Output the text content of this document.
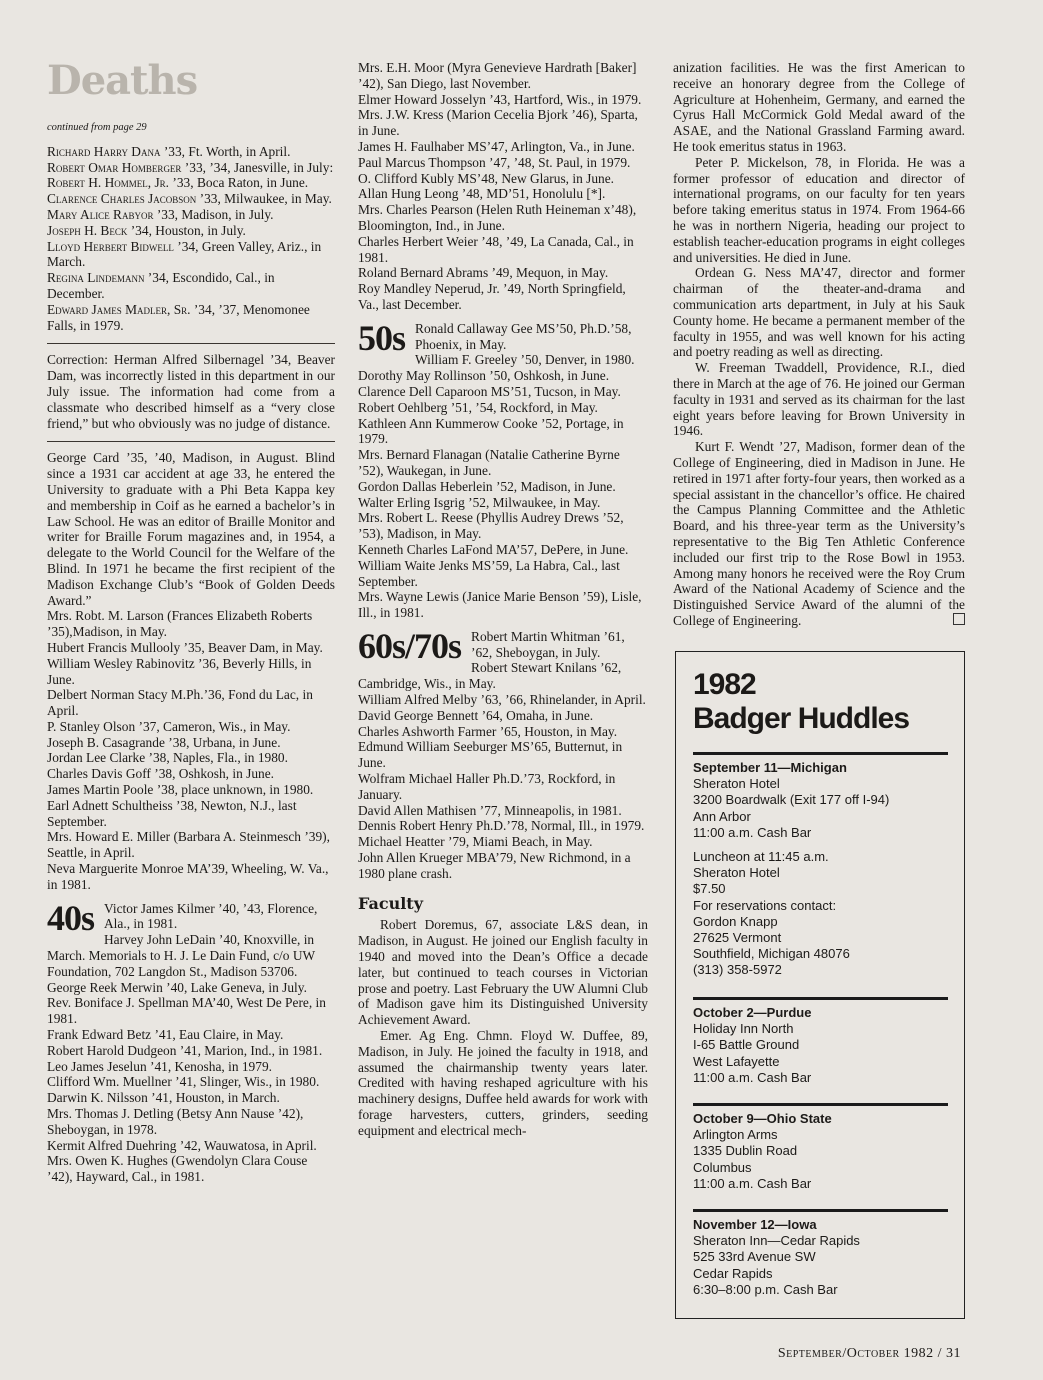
Deaths
continued from page 29

Richard Harry Dana ’33, Ft. Worth, in April.

Robert Omar Homberger ’33, ’34, Janesville, in July:

Robert H. Hommel, Jr. ’33, Boca Raton, in June.

Clarence Charles Jacobson ’33, Milwaukee, in May.

Mary Alice Rabyor ’33, Madison, in July.

Joseph H. Beck ’34, Houston, in July.

Lloyd Herbert Bidwell ’34, Green Valley, Ariz., in March.

Regina Lindemann ’34, Escondido, Cal., in December.

Edward James Madler, Sr. ’34, ’37, Menomonee Falls, in 1979.

Correction: Herman Alfred Silbernagel ’34, Beaver Dam, was incorrectly listed in this department in our July issue. The information had come from a classmate who described himself as a “very close friend,” but who obviously was no judge of distance.

George Card ’35, ’40, Madison, in August. Blind since a 1931 car accident at age 33, he entered the University to graduate with a Phi Beta Kappa key and membership in Coif as he earned a bachelor’s in Law School. He was an editor of Braille Monitor and writer for Braille Forum magazines and, in 1954, a delegate to the World Council for the Welfare of the Blind. In 1971 he became the first recipient of the Madison Exchange Club’s “Book of Golden Deeds Award.”

Mrs. Robt. M. Larson (Frances Elizabeth Roberts ’35),Madison, in May.

Hubert Francis Mullooly ’35, Beaver Dam, in May.

William Wesley Rabinovitz ’36, Beverly Hills, in June.

Delbert Norman Stacy M.Ph.’36, Fond du Lac, in April.

P. Stanley Olson ’37, Cameron, Wis., in May.

Joseph B. Casagrande ’38, Urbana, in June.

Jordan Lee Clarke ’38, Naples, Fla., in 1980.

Charles Davis Goff ’38, Oshkosh, in June.

James Martin Poole ’38, place unknown, in 1980.

Earl Adnett Schultheiss ’38, Newton, N.J., last September.

Mrs. Howard E. Miller (Barbara A. Steinmesch ’39), Seattle, in April.

Neva Marguerite Monroe MA’39, Wheeling, W. Va., in 1981.

40s Victor James Kilmer ’40, ’43, Florence, Ala., in 1981.

Harvey John LeDain ’40, Knoxville, in March. Memorials to H. J. Le Dain Fund, c/o UW Foundation, 702 Langdon St., Madison 53706.

George Reek Merwin ’40, Lake Geneva, in July.

Rev. Boniface J. Spellman MA’40, West De Pere, in 1981.

Frank Edward Betz ’41, Eau Claire, in May.

Robert Harold Dudgeon ’41, Marion, Ind., in 1981.

Leo James Jeselun ’41, Kenosha, in 1979.

Clifford Wm. Muellner ’41, Slinger, Wis., in 1980.

Darwin K. Nilsson ’41, Houston, in March.

Mrs. Thomas J. Detling (Betsy Ann Nause ’42), Sheboygan, in 1978.

Kermit Alfred Duehring ’42, Wauwatosa, in April.

Mrs. Owen K. Hughes (Gwendolyn Clara Couse ’42), Hayward, Cal., in 1981.

Mrs. E.H. Moor (Myra Genevieve Hardrath [Baker] ’42), San Diego, last November.

Elmer Howard Josselyn ’43, Hartford, Wis., in 1979.

Mrs. J.W. Kress (Marion Cecelia Bjork ’46), Sparta, in June.

James H. Faulhaber MS’47, Arlington, Va., in June.

Paul Marcus Thompson ’47, ’48, St. Paul, in 1979.

O. Clifford Kubly MS’48, New Glarus, in June.

Allan Hung Leong ’48, MD’51, Honolulu [*].

Mrs. Charles Pearson (Helen Ruth Heineman x’48), Bloomington, Ind., in June.

Charles Herbert Weier ’48, ’49, La Canada, Cal., in 1981.

Roland Bernard Abrams ’49, Mequon, in May.

Roy Mandley Neperud, Jr. ’49, North Springfield, Va., last December.

50s Ronald Callaway Gee MS’50, Ph.D.’58, Phoenix, in May.

William F. Greeley ’50, Denver, in 1980.

Dorothy May Rollinson ’50, Oshkosh, in June.

Clarence Dell Caparoon MS’51, Tucson, in May.

Robert Oehlberg ’51, ’54, Rockford, in May.

Kathleen Ann Kummerow Cooke ’52, Portage, in 1979.

Mrs. Bernard Flanagan (Natalie Catherine Byrne ’52), Waukegan, in June.

Gordon Dallas Heberlein ’52, Madison, in June.

Walter Erling Isgrig ’52, Milwaukee, in May.

Mrs. Robert L. Reese (Phyllis Audrey Drews ’52, ’53), Madison, in May.

Kenneth Charles LaFond MA’57, DePere, in June.

William Waite Jenks MS’59, La Habra, Cal., last September.

Mrs. Wayne Lewis (Janice Marie Benson ’59), Lisle, Ill., in 1981.

60s/70s Robert Martin Whitman ’61, ’62, Sheboygan, in July.

Robert Stewart Knilans ’62, Cambridge, Wis., in May.

William Alfred Melby ’63, ’66, Rhinelander, in April.

David George Bennett ’64, Omaha, in June.

Charles Ashworth Farmer ’65, Houston, in May.

Edmund William Seeburger MS’65, Butternut, in June.

Wolfram Michael Haller Ph.D.’73, Rockford, in January.

David Allen Mathisen ’77, Minneapolis, in 1981.

Dennis Robert Henry Ph.D.’78, Normal, Ill., in 1979.

Michael Heatter ’79, Miami Beach, in May.

John Allen Krueger MBA’79, New Richmond, in a 1980 plane crash.

Faculty

Robert Doremus, 67, associate L&S dean, in Madison, in August. He joined our English faculty in 1940 and moved into the Dean’s Office a decade later, but continued to teach courses in Victorian prose and poetry. Last February the UW Alumni Club of Madison gave him its Distinguished University Achievement Award.

Emer. Ag Eng. Chmn. Floyd W. Duffee, 89, Madison, in July. He joined the faculty in 1918, and assumed the chairmanship twenty years later. Credited with having reshaped agriculture with his machinery designs, Duffee held awards for work with forage harvesters, cutters, grinders, seeding equipment and electrical mech-

anization facilities. He was the first American to receive an honorary degree from the College of Agriculture at Hohenheim, Germany, and earned the Cyrus Hall McCormick Gold Medal award of the ASAE, and the National Grassland Farming award. He took emeritus status in 1963.

Peter P. Mickelson, 78, in Florida. He was a former professor of education and director of international programs, on our faculty for ten years before taking emeritus status in 1974. From 1964-66 he was in northern Nigeria, heading our project to establish teacher-education programs in eight colleges and universities. He died in June.

Ordean G. Ness MA’47, director and former chairman of the theater-and-drama and communication arts department, in July at his Sauk County home. He became a permanent member of the faculty in 1955, and was well known for his acting and poetry reading as well as directing.

W. Freeman Twaddell, Providence, R.I., died there in March at the age of 76. He joined our German faculty in 1931 and served as its chairman for the last eight years before leaving for Brown University in 1946.

Kurt F. Wendt ’27, Madison, former dean of the College of Engineering, died in Madison in June. He retired in 1971 after forty-four years, then worked as a special assistant in the chancellor’s office. He chaired the Campus Planning Committee and the Athletic Board, and his three-year term as the University’s representative to the Big Ten Athletic Conference included our first trip to the Rose Bowl in 1953. Among many honors he received were the Roy Crum Award of the National Academy of Science and the Distinguished Service Award of the alumni of the College of Engineering.

1982
Badger Huddles
September 11—Michigan
Sheraton Hotel
3200 Boardwalk (Exit 177 off I-94)
Ann Arbor
11:00 a.m. Cash Bar
Luncheon at 11:45 a.m.
Sheraton Hotel
$7.50
For reservations contact:
Gordon Knapp
27625 Vermont
Southfield, Michigan 48076
(313) 358-5972
October 2—Purdue
Holiday Inn North
I-65 Battle Ground
West Lafayette
11:00 a.m. Cash Bar
October 9—Ohio State
Arlington Arms
1335 Dublin Road
Columbus
11:00 a.m. Cash Bar
November 12—Iowa
Sheraton Inn—Cedar Rapids
525 33rd Avenue SW
Cedar Rapids
6:30–8:00 p.m. Cash Bar
September/October 1982 / 31
